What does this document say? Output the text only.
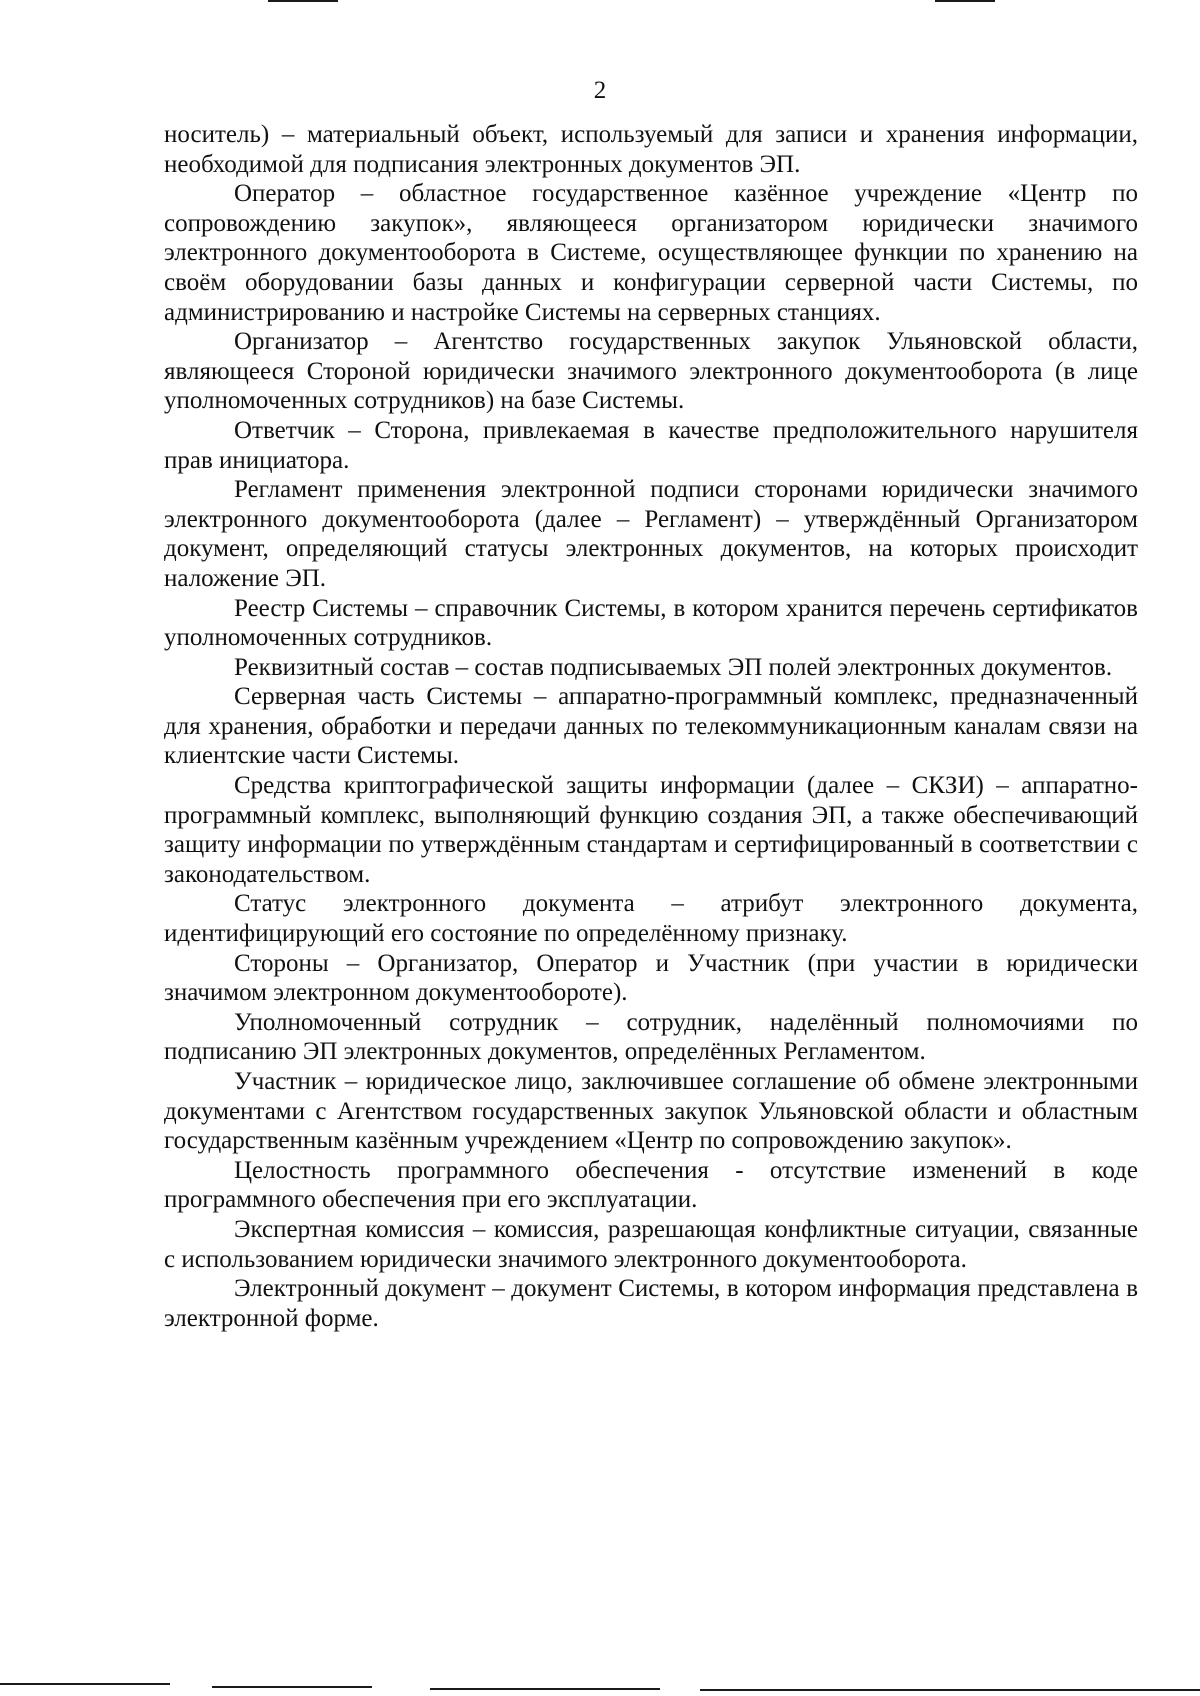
2

носитель) – материальный объект, используемый для записи и хранения информации, необходимой для подписания электронных документов ЭП.

Оператор – областное государственное казённое учреждение «Центр по сопровождению закупок», являющееся организатором юридически значимого электронного документооборота в Системе, осуществляющее функции по хранению на своём оборудовании базы данных и конфигурации серверной части Системы, по администрированию и настройке Системы на серверных станциях.

Организатор – Агентство государственных закупок Ульяновской области, являющееся Стороной юридически значимого электронного документооборота (в лице уполномоченных сотрудников) на базе Системы.

Ответчик – Сторона, привлекаемая в качестве предположительного нарушителя прав инициатора.

Регламент применения электронной подписи сторонами юридически значимого электронного документооборота (далее – Регламент) – утверждённый Организатором документ, определяющий статусы электронных документов, на которых происходит наложение ЭП.

Реестр Системы – справочник Системы, в котором хранится перечень сертификатов уполномоченных сотрудников.

Реквизитный состав – состав подписываемых ЭП полей электронных документов.

Серверная часть Системы – аппаратно-программный комплекс, предназначенный для хранения, обработки и передачи данных по телекоммуникационным каналам связи на клиентские части Системы.

Средства криптографической защиты информации (далее – СКЗИ) – аппаратно-программный комплекс, выполняющий функцию создания ЭП, а также обеспечивающий защиту информации по утверждённым стандартам и сертифицированный в соответствии с законодательством.

Статус электронного документа – атрибут электронного документа, идентифицирующий его состояние по определённому признаку.

Стороны – Организатор, Оператор и Участник (при участии в юридически значимом электронном документообороте).

Уполномоченный сотрудник – сотрудник, наделённый полномочиями по подписанию ЭП электронных документов, определённых Регламентом.

Участник – юридическое лицо, заключившее соглашение об обмене электронными документами с Агентством государственных закупок Ульяновской области и областным государственным казённым учреждением «Центр по сопровождению закупок».

Целостность программного обеспечения - отсутствие изменений в коде программного обеспечения при его эксплуатации.

Экспертная комиссия – комиссия, разрешающая конфликтные ситуации, связанные с использованием юридически значимого электронного документооборота.

Электронный документ – документ Системы, в котором информация представлена в электронной форме.
